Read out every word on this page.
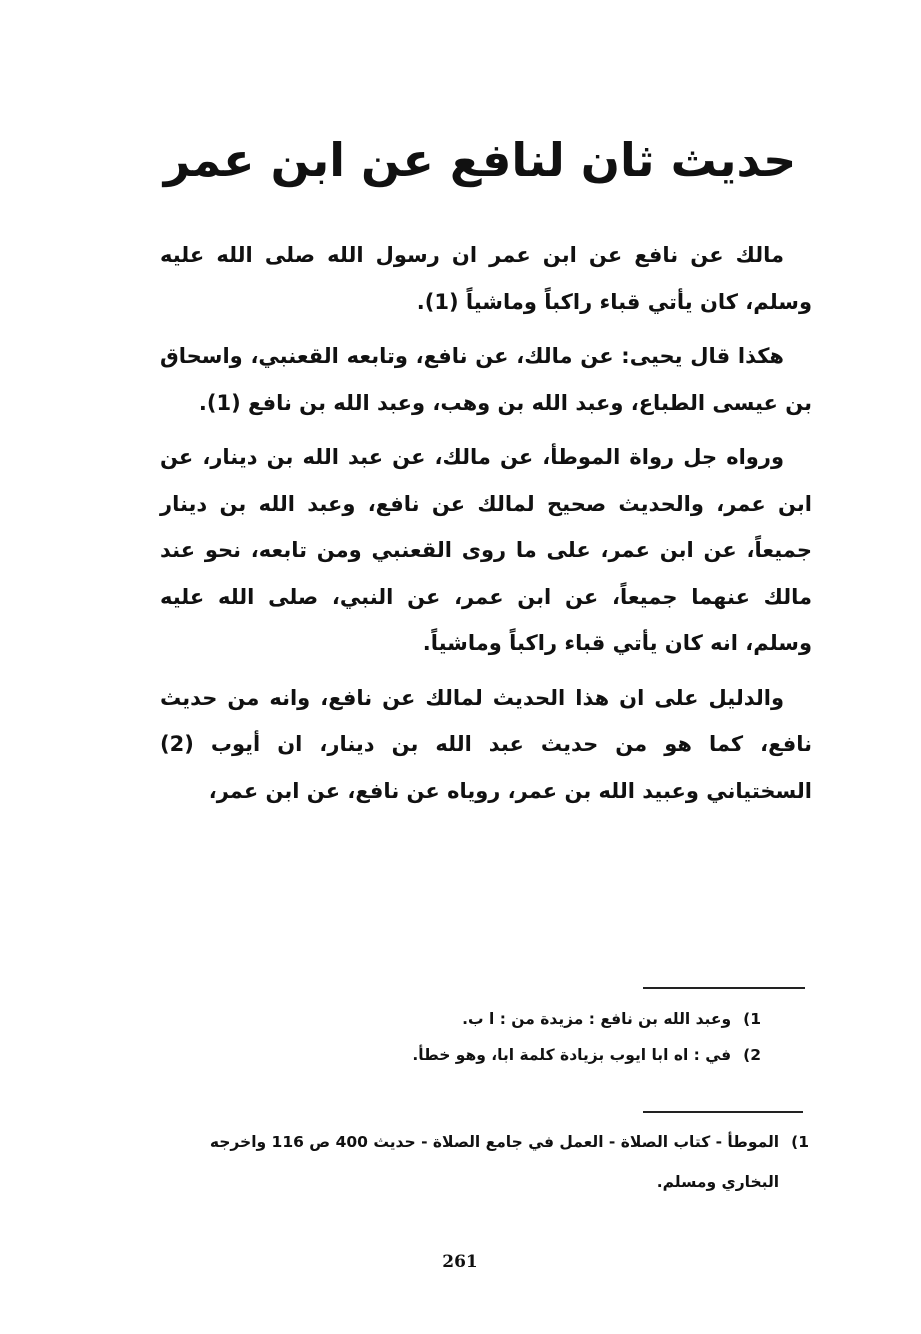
حديث ثان لنافع عن ابن عمر

مالك عن نافع عن ابن عمر ان رسول الله صلى الله عليه وسلم، كان يأتي قباء راكباً وماشياً (1).

هكذا قال يحيى: عن مالك، عن نافع، وتابعه القعنبي، واسحاق بن عيسى الطباع، وعبد الله بن وهب، وعبد الله بن نافع (1).

ورواه جل رواة الموطأ، عن مالك، عن عبد الله بن دينار، عن ابن عمر، والحديث صحيح لمالك عن نافع، وعبد الله بن دينار جميعاً، عن ابن عمر، على ما روى القعنبي ومن تابعه، نحو عند مالك عنهما جميعاً، عن ابن عمر، عن النبي، صلى الله عليه وسلم، انه كان يأتي قباء راكباً وماشياً.

والدليل على ان هذا الحديث لمالك عن نافع، وانه من حديث نافع، كما هو من حديث عبد الله بن دينار، ان أيوب (2) السختياني وعبيد الله بن عمر، روياه عن نافع، عن ابن عمر،

1)
وعبد الله بن نافع : مزيدة من : ا ب.
2)
في : اه ابا ايوب بزيادة كلمة ابا، وهو خطأ.
1)
الموطأ - كتاب الصلاة - العمل في جامع الصلاة - حديث 400 ص 116 واخرجه البخاري ومسلم.
261
